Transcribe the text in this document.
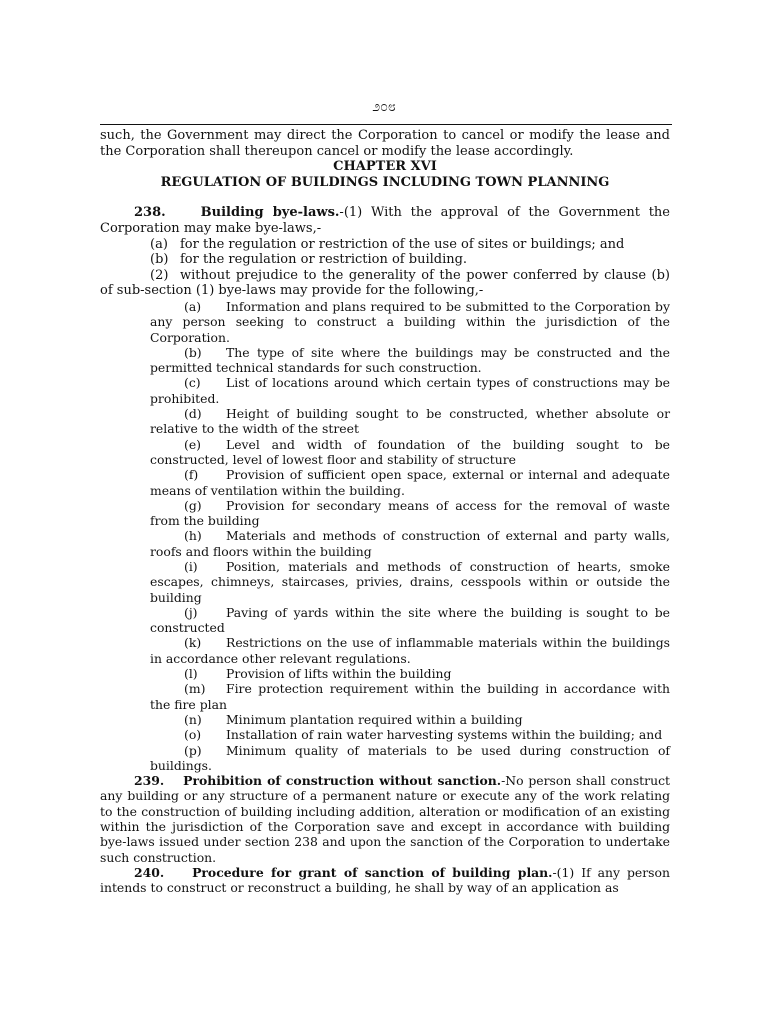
೨೦೮

such, the Government may direct the Corporation to cancel or modify the lease and the Corporation shall thereupon cancel or modify the lease accordingly.

CHAPTER XVI

REGULATION OF BUILDINGS INCLUDING TOWN PLANNING

238.	Building bye-laws.-(1) With the approval of the Government the Corporation may make bye-laws,-

(a) for the regulation or restriction of the use of sites or buildings; and

(b) for the regulation or restriction of building.

(2) without prejudice to the generality of the power conferred by clause (b) of sub-section (1) bye-laws may provide for the following,-

(a) Information and plans required to be submitted to the Corporation by any person seeking to construct a building within the jurisdiction of the Corporation.

(b) The type of site where the buildings may be constructed and the permitted technical standards for such construction.

(c) List of locations around which certain types of constructions may be prohibited.

(d) Height of building sought to be constructed, whether absolute or relative to the width of the street

(e) Level and width of foundation of the building sought to be constructed, level of lowest floor and stability of structure

(f) Provision of sufficient open space, external or internal and adequate means of ventilation within the building.

(g) Provision for secondary means of access for the removal of waste from the building

(h) Materials and methods of construction of external and party walls, roofs and floors within the building

(i) Position, materials and methods of construction of hearts, smoke escapes, chimneys, staircases, privies, drains, cesspools within or outside the building

(j) Paving of yards within the site where the building is sought to be constructed

(k) Restrictions on the use of inflammable materials within the buildings in accordance other relevant regulations.

(l) Provision of lifts within the building

(m) Fire protection requirement within the building in accordance with the fire plan

(n) Minimum plantation required within a building

(o) Installation of rain water harvesting systems within the building; and

(p) Minimum quality of materials to be used during construction of buildings.

239. Prohibition of construction without sanction.-No person shall construct any building or any structure of a permanent nature or execute any of the work relating to the construction of building including addition, alteration or modification of an existing within the jurisdiction of the Corporation save and except in accordance with building bye-laws issued under section 238 and upon the sanction of the Corporation to undertake such construction.

240. Procedure for grant of sanction of building plan.-(1) If any person intends to construct or reconstruct a building, he shall by way of an application as
